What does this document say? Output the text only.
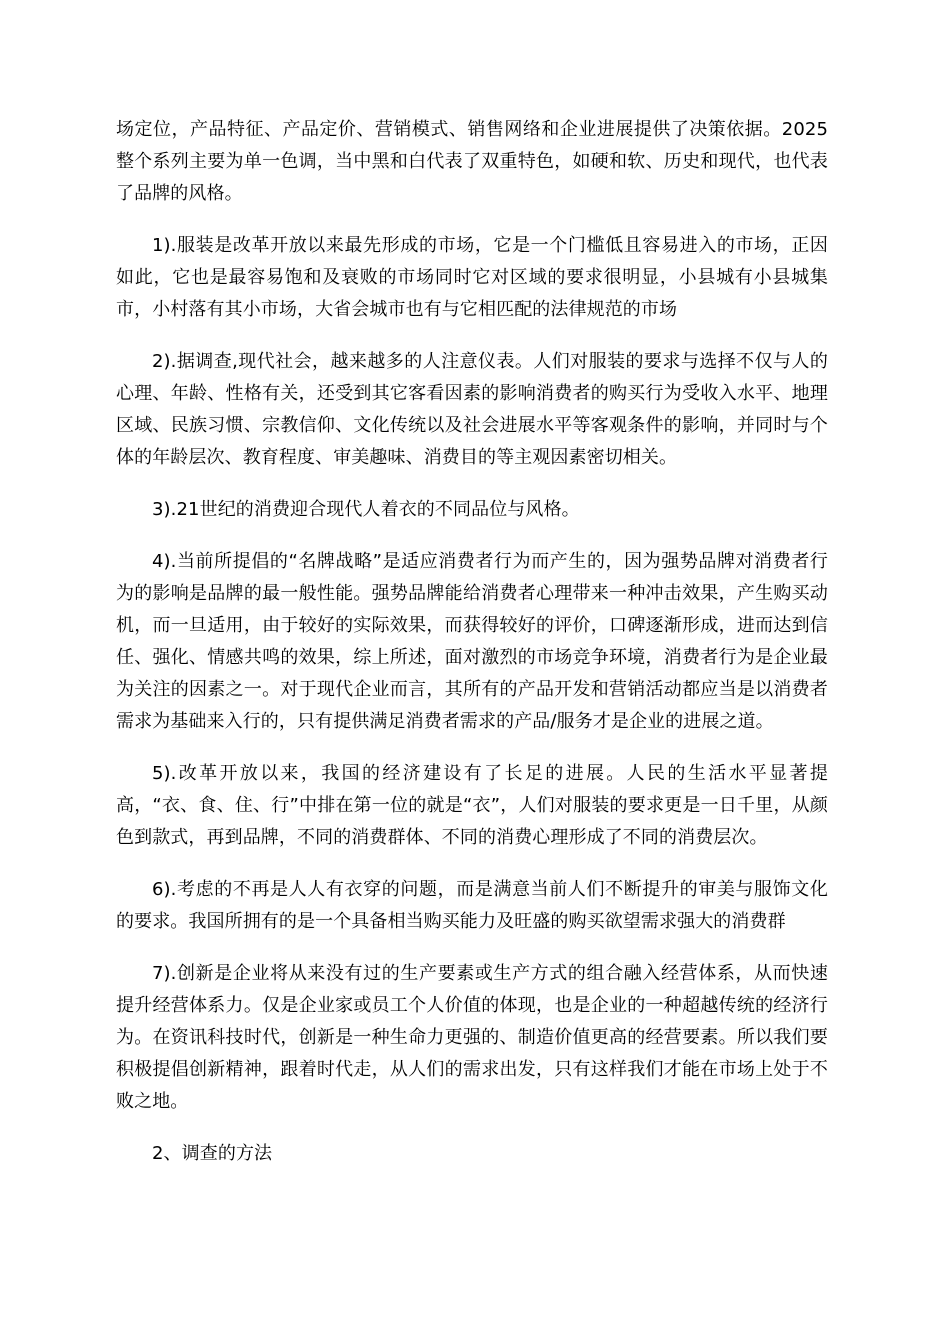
场定位，产品特征、产品定价、营销模式、销售网络和企业进展提供了决策依据。2025整个系列主要为单一色调，当中黑和白代表了双重特色，如硬和软、历史和现代，也代表了品牌的风格。

1).服装是改革开放以来最先形成的市场，它是一个门槛低且容易进入的市场，正因如此，它也是最容易饱和及衰败的市场同时它对区域的要求很明显，小县城有小县城集市，小村落有其小市场，大省会城市也有与它相匹配的法律规范的市场

2).据调查,现代社会，越来越多的人注意仪表。人们对服装的要求与选择不仅与人的心理、年龄、性格有关，还受到其它客看因素的影响消费者的购买行为受收入水平、地理区域、民族习惯、宗教信仰、文化传统以及社会进展水平等客观条件的影响，并同时与个体的年龄层次、教育程度、审美趣味、消费目的等主观因素密切相关。

3).21世纪的消费迎合现代人着衣的不同品位与风格。

4).当前所提倡的“名牌战略”是适应消费者行为而产生的，因为强势品牌对消费者行为的影响是品牌的最一般性能。强势品牌能给消费者心理带来一种冲击效果，产生购买动机，而一旦适用，由于较好的实际效果，而获得较好的评价，口碑逐渐形成，进而达到信任、强化、情感共鸣的效果，综上所述，面对激烈的市场竞争环境，消费者行为是企业最为关注的因素之一。对于现代企业而言，其所有的产品开发和营销活动都应当是以消费者需求为基础来入行的，只有提供满足消费者需求的产品/服务才是企业的进展之道。

5).改革开放以来，我国的经济建设有了长足的进展。人民的生活水平显著提高，“衣、食、住、行”中排在第一位的就是“衣”，人们对服装的要求更是一日千里，从颜色到款式，再到品牌，不同的消费群体、不同的消费心理形成了不同的消费层次。

6).考虑的不再是人人有衣穿的问题，而是满意当前人们不断提升的审美与服饰文化的要求。我国所拥有的是一个具备相当购买能力及旺盛的购买欲望需求强大的消费群

7).创新是企业将从来没有过的生产要素或生产方式的组合融入经营体系，从而快速提升经营体系力。仅是企业家或员工个人价值的体现，也是企业的一种超越传统的经济行为。在资讯科技时代，创新是一种生命力更强的、制造价值更高的经营要素。所以我们要积极提倡创新精神，跟着时代走，从人们的需求出发，只有这样我们才能在市场上处于不败之地。

2、调查的方法
